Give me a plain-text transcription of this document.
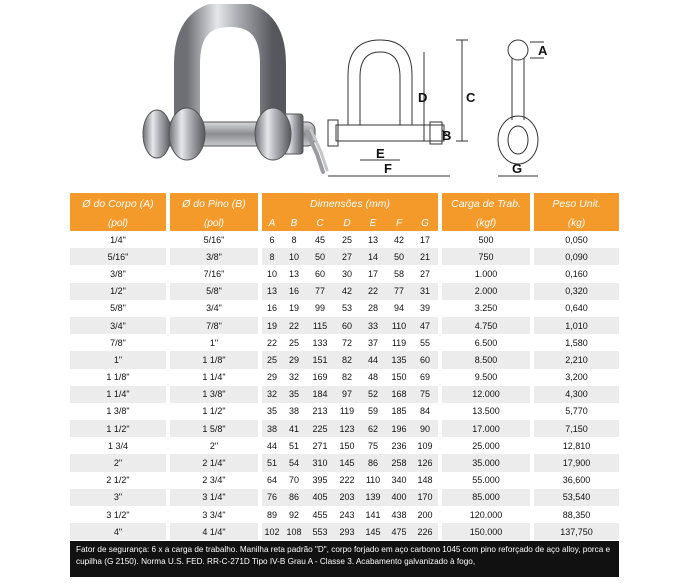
D	C
B
E
F
A
G
Ø do Corpo (A)	Ø do Pino (B)	Dimensões (mm)							Carga de Trab.	Peso Unit.
(pol)	(pol)	A	B	C	D	E	F	G	(kgf)	(kg)
1/4"	5/16"	6	8	45	25	13	42	17	500	0,050
5/16"	3/8"	8	10	50	27	14	50	21	750	0,090
3/8"	7/16"	10	13	60	30	17	58	27	1.000	0,160
1/2"	5/8"	13	16	77	42	22	77	31	2.000	0,320
5/8"	3/4"	16	19	99	53	28	94	39	3.250	0,640
3/4"	7/8"	19	22	115	60	33	110	47	4.750	1,010
7/8"	1"	22	25	133	72	37	119	55	6.500	1,580
1"	1 1/8"	25	29	151	82	44	135	60	8.500	2,210
1 1/8"	1 1/4"	29	32	169	82	48	150	69	9.500	3,200
1 1/4"	1 3/8"	32	35	184	97	52	168	75	12.000	4,300
1 3/8"	1 1/2"	35	38	213	119	59	185	84	13.500	5,770
1 1/2"	1 5/8"	38	41	225	123	62	196	90	17.000	7,150
1 3/4	2"	44	51	271	150	75	236	109	25.000	12,810
2"	2 1/4"	51	54	310	145	86	258	126	35.000	17,900
2 1/2"	2 3/4"	64	70	395	222	110	340	148	55.000	36,600
3"	3 1/4"	76	86	405	203	139	400	170	85.000	53,540
3 1/2"	3 3/4"	89	92	455	243	141	438	200	120.000	88,350
4"	4 1/4"	102	108	553	293	145	475	226	150.000	137,750
Fator de segurança: 6 x a carga de trabalho. Manilha reta padrão "D", corpo forjado em aço carbono 1045 com pino reforçado de aço alloy, porca e cupilha (G 2150). Norma U.S. FED. RR-C-271D Tipo IV-B Grau A - Classe 3. Acabamento galvanizado à fogo,
